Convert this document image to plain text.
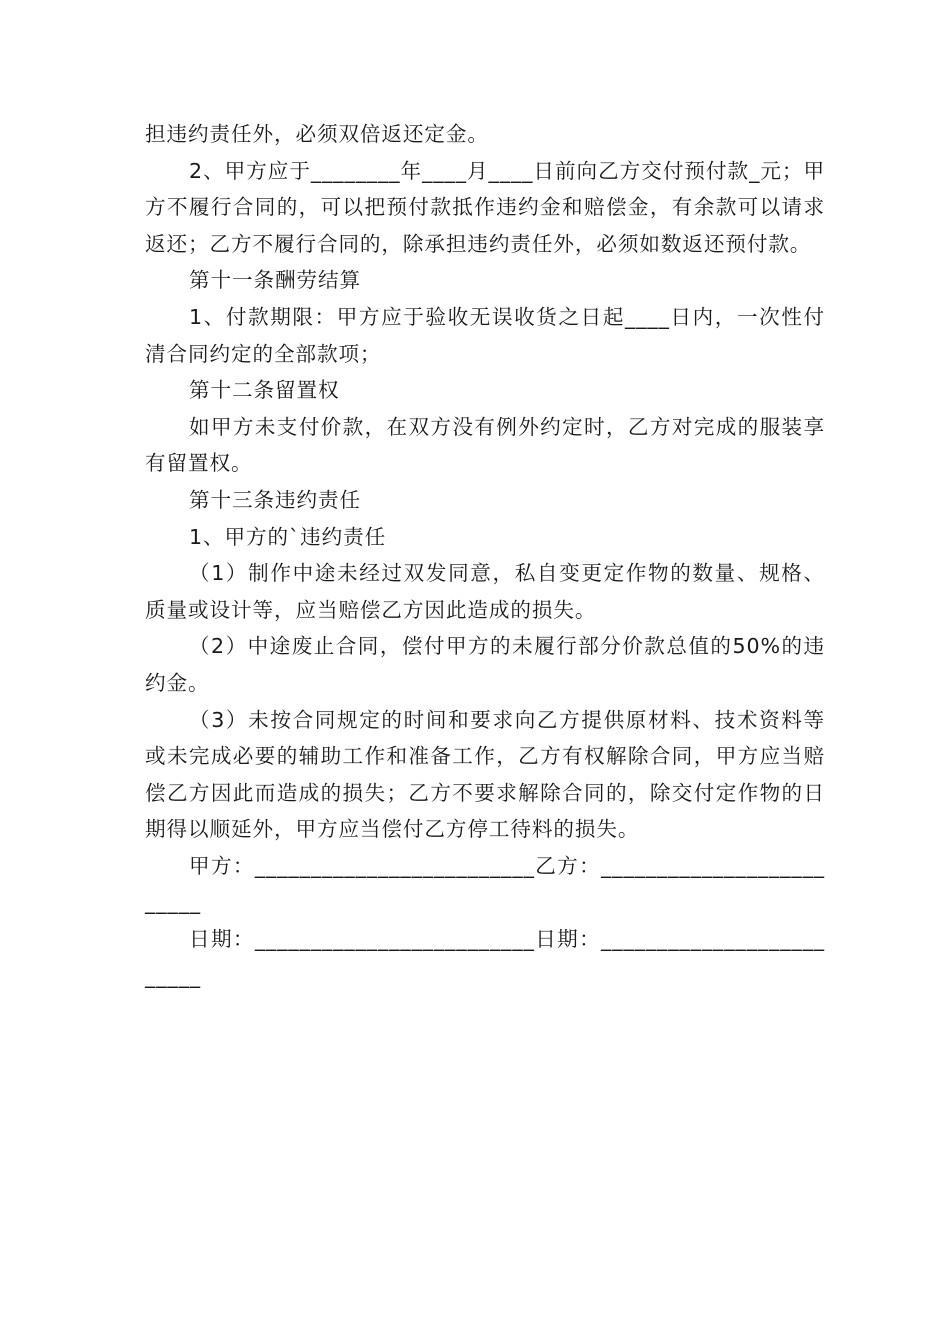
担违约责任外，必须双倍返还定金。

2、甲方应于________年____月____日前向乙方交付预付款_元；甲方不履行合同的，可以把预付款抵作违约金和赔偿金，有余款可以请求返还；乙方不履行合同的，除承担违约责任外，必须如数返还预付款。

第十一条酬劳结算

1、付款期限：甲方应于验收无误收货之日起____日内，一次性付清合同约定的全部款项；

第十二条留置权

如甲方未支付价款，在双方没有例外约定时，乙方对完成的服装享有留置权。

第十三条违约责任

1、甲方的`违约责任

（1）制作中途未经过双发同意，私自变更定作物的数量、规格、质量或设计等，应当赔偿乙方因此造成的损失。

（2）中途废止合同，偿付甲方的未履行部分价款总值的50%的违约金。

（3）未按合同规定的时间和要求向乙方提供原材料、技术资料等或未完成必要的辅助工作和准备工作，乙方有权解除合同，甲方应当赔偿乙方因此而造成的损失；乙方不要求解除合同的，除交付定作物的日期得以顺延外，甲方应当偿付乙方停工待料的损失。

甲方：_________________________乙方：____________________ _____

日期：_________________________日期：____________________ _____
